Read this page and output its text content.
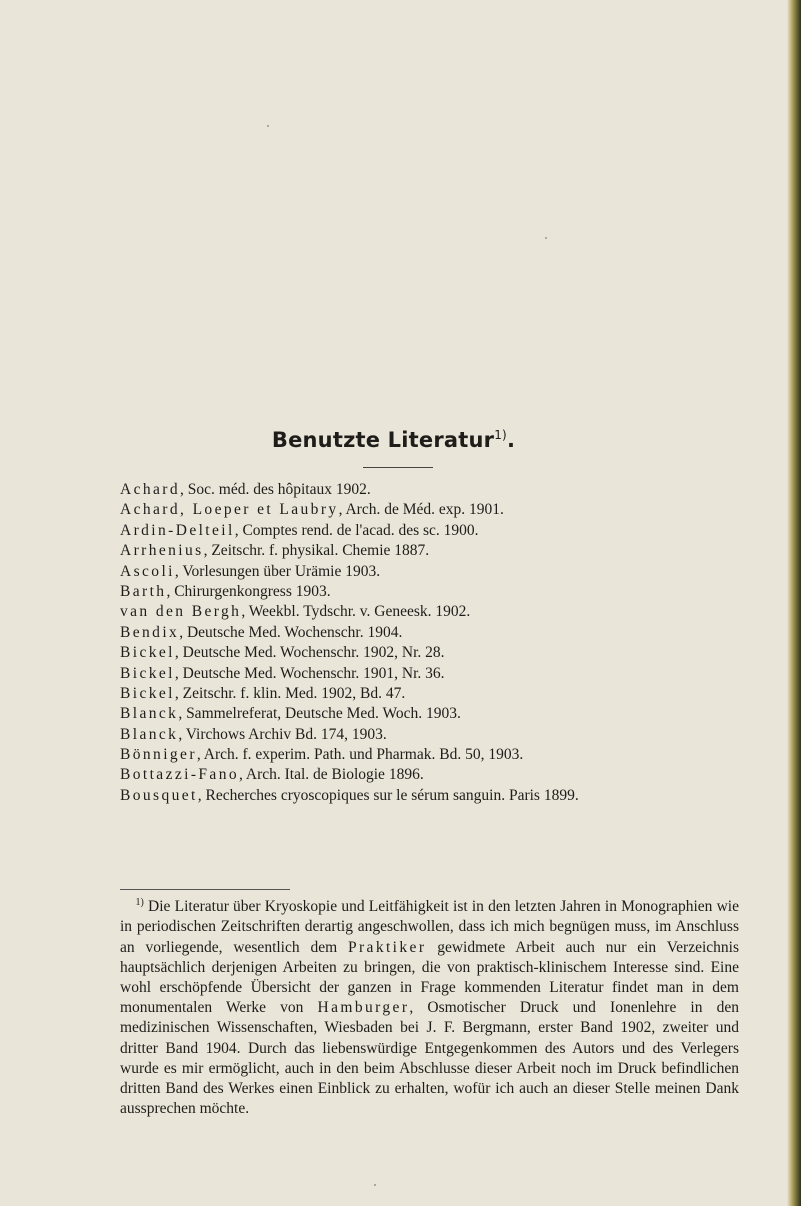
Benutzte Literatur$^{1)}$.
Achard, Soc. méd. des hôpitaux 1902.
Achard, Loeper et Laubry, Arch. de Méd. exp. 1901.
Ardin-Delteil, Comptes rend. de l'acad. des sc. 1900.
Arrhenius, Zeitschr. f. physikal. Chemie 1887.
Ascoli, Vorlesungen über Urämie 1903.
Barth, Chirurgenkongress 1903.
van den Bergh, Weekbl. Tydschr. v. Geneesk. 1902.
Bendix, Deutsche Med. Wochenschr. 1904.
Bickel, Deutsche Med. Wochenschr. 1902, Nr. 28.
Bickel, Deutsche Med. Wochenschr. 1901, Nr. 36.
Bickel, Zeitschr. f. klin. Med. 1902, Bd. 47.
Blanck, Sammelreferat, Deutsche Med. Woch. 1903.
Blanck, Virchows Archiv Bd. 174, 1903.
Bönniger, Arch. f. experim. Path. und Pharmak. Bd. 50, 1903.
Bottazzi-Fano, Arch. Ital. de Biologie 1896.
Bousquet, Recherches cryoscopiques sur le sérum sanguin. Paris 1899.
 $^{1)}$ Die Literatur über Kryoskopie und Leitfähigkeit ist in den letzten Jahren in Monographien wie in periodischen Zeitschriften derartig angeschwollen, dass ich mich begnügen muss, im Anschluss an vorliegende, wesentlich dem Praktiker gewidmete Arbeit auch nur ein Verzeichnis hauptsächlich derjenigen Arbeiten zu bringen, die von praktisch-klinischem Interesse sind. Eine wohl erschöpfende Übersicht der ganzen in Frage kommenden Literatur findet man in dem monumentalen Werke von Hamburger, Osmotischer Druck und Ionenlehre in den medizinischen Wissenschaften, Wiesbaden bei J. F. Bergmann, erster Band 1902, zweiter und dritter Band 1904. Durch das liebenswürdige Entgegenkommen des Autors und des Verlegers wurde es mir ermöglicht, auch in den beim Abschlusse dieser Arbeit noch im Druck befindlichen dritten Band des Werkes einen Einblick zu erhalten, wofür ich auch an dieser Stelle meinen Dank aussprechen möchte.
